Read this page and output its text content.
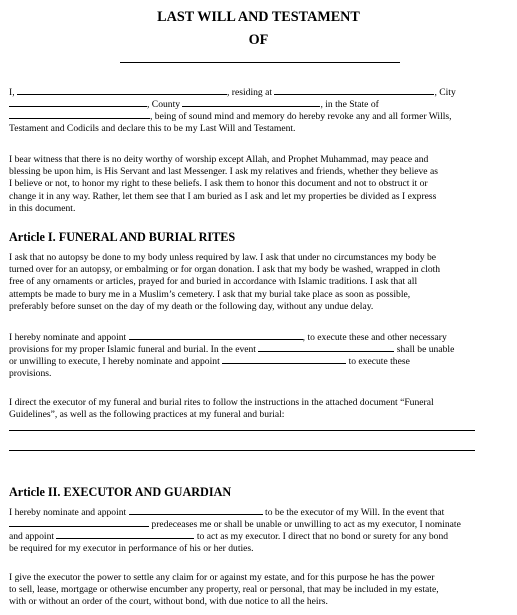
LAST WILL AND TESTAMENT
OF
I,	, residing at	, City
, County	, in the State of
, being of sound mind and memory do hereby revoke any and all former Wills,
Testament and Codicils and declare this to be my Last Will and Testament.
I bear witness that there is no deity worthy of worship except Allah, and Prophet Muhammad, may peace and
blessing be upon him, is His Servant and last Messenger. I ask my relatives and friends, whether they believe as
I believe or not, to honor my right to these beliefs. I ask them to honor this document and not to obstruct it or
change it in any way. Rather, let them see that I am buried as I ask and let my properties be divided as I express
in this document.
Article I. FUNERAL AND BURIAL RITES
I ask that no autopsy be done to my body unless required by law. I ask that under no circumstances my body be
turned over for an autopsy, or embalming or for organ donation. I ask that my body be washed, wrapped in cloth
free of any ornaments or articles, prayed for and buried in accordance with Islamic traditions. I ask that all
attempts be made to bury me in a Muslim’s cemetery. I ask that my burial take place as soon as possible,
preferably before sunset on the day of my death or the following day, without any undue delay.
I hereby nominate and appoint	, to execute these and other necessary
provisions for my proper Islamic funeral and burial. In the event	shall be unable
or unwilling to execute, I hereby nominate and appoint	to execute these
provisions.
I direct the executor of my funeral and burial rites to follow the instructions in the attached document “Funeral
Guidelines”, as well as the following practices at my funeral and burial:
Article II. EXECUTOR AND GUARDIAN
I hereby nominate and appoint	to be the executor of my Will. In the event that
predeceases me or shall be unable or unwilling to act as my executor, I nominate
and appoint	to act as my executor. I direct that no bond or surety for any bond
be required for my executor in performance of his or her duties.
I give the executor the power to settle any claim for or against my estate, and for this purpose he has the power
to sell, lease, mortgage or otherwise encumber any property, real or personal, that may be included in my estate,
with or without an order of the court, without bond, with due notice to all the heirs.
